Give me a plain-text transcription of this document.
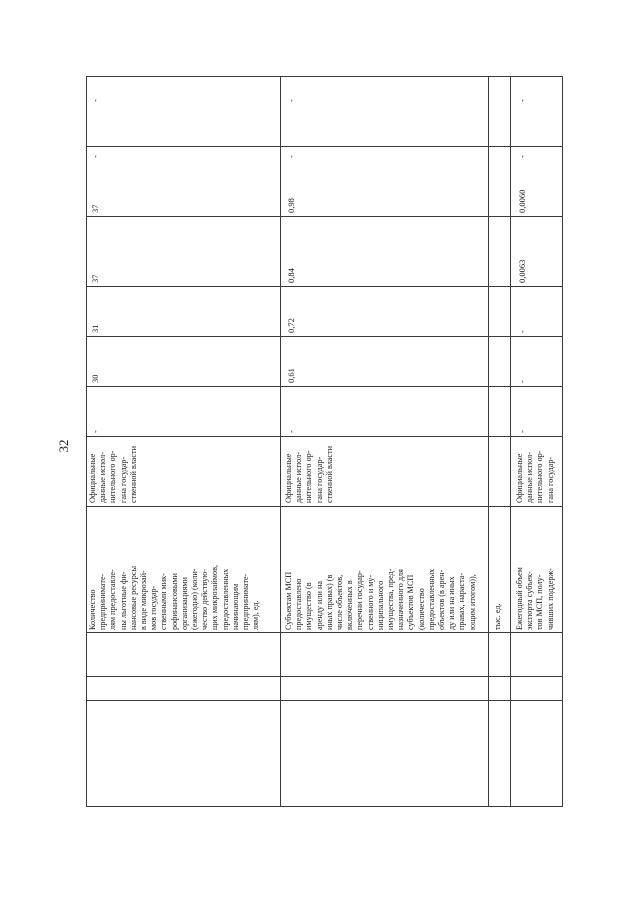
32
Количество предпринимате- лям предоставле- ны льготные фи- нансовые ресурсы в виде микрозай- мов государ- ственными мик- рофинансовыми организациями (ежегодно) (коли- чество действую- щих микрозаймов, предоставленных начинающим предпринимате- лям), ед.
Официальные данные испол- нительного ор- гана государ- ственной власти
-
30
31
37
37
-
-
Субъектам МСП предоставлено имущество (в аренду или на иных правах) (в числе объектов, включенных в перечни государ- ственного и му- ниципального имущества, пред- назначенного для субъектов МСП (количество предоставленных объектов (в арен- ду или на иных правах, нараста- ющим итогом)),
Официальные данные испол- нительного ор- гана государ- ственной власти
-
0,61
0,72
0,84
0,98
-
-
тыс. ед. Ежегодный объем экспорта субъек- тов МСП, полу- чивших поддерж-
Официальные данные испол- нительного ор- гана государ-
-
-
-
0,0063
0,0060
-
-
